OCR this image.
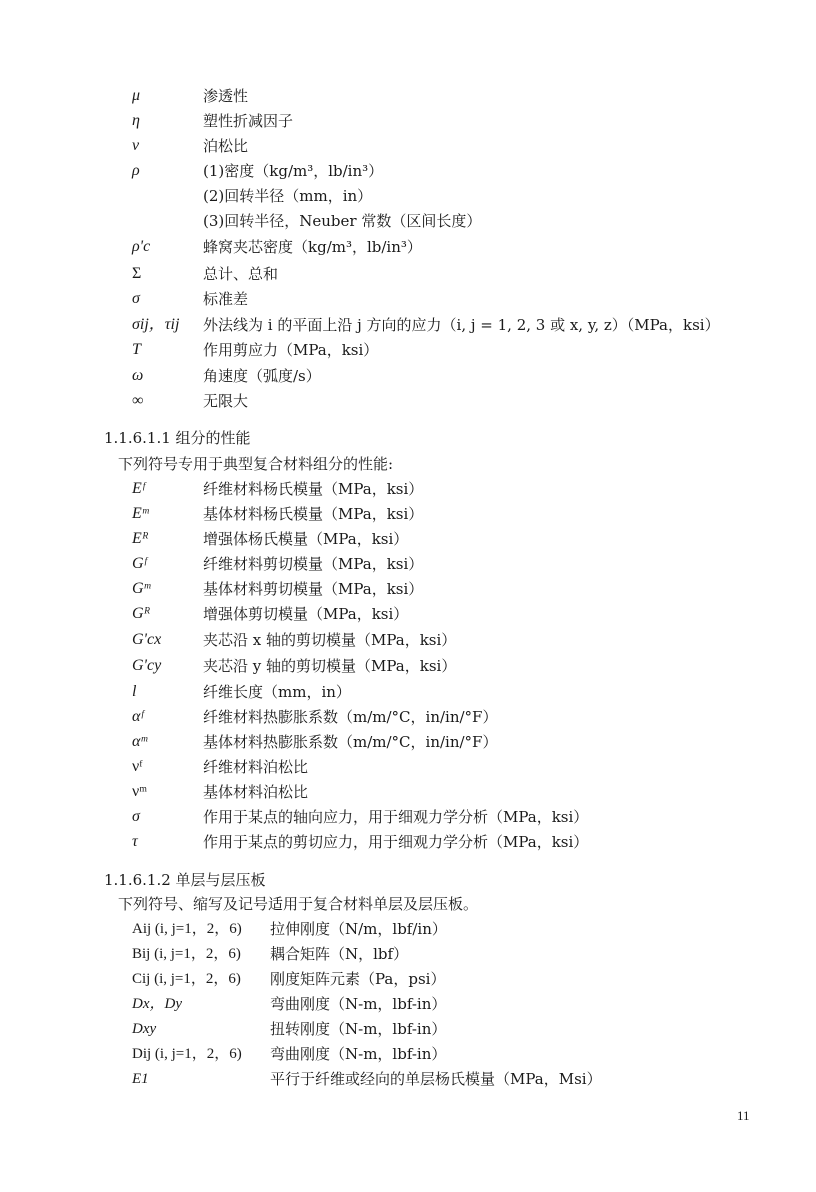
μ	渗透性
η	塑性折减因子
ν	泊松比
ρ	(1)密度（kg/m³，lb/in³）
(2)回转半径（mm，in）
(3)回转半径，Neuber 常数（区间长度）
ρ'c	蜂窝夹芯密度（kg/m³，lb/in³）
Σ	总计、总和
σ	标准差
σij，τij 外法线为 i 的平面上沿 j 方向的应力（i, j = 1, 2, 3 或 x, y, z）（MPa，ksi）
T	作用剪应力（MPa，ksi）
ω	角速度（弧度/s）
∞	无限大
1.1.6.1.1 组分的性能
下列符号专用于典型复合材料组分的性能:
Eᶠ	纤维材料杨氏模量（MPa，ksi）
Eᵐ	基体材料杨氏模量（MPa，ksi）
Eᴿ	增强体杨氏模量（MPa，ksi）
Gᶠ	纤维材料剪切模量（MPa，ksi）
Gᵐ	基体材料剪切模量（MPa，ksi）
Gᴿ	增强体剪切模量（MPa，ksi）
G'cx	夹芯沿 x 轴的剪切模量（MPa，ksi）
G'cy	夹芯沿 y 轴的剪切模量（MPa，ksi）
l	纤维长度（mm，in）
αᶠ	纤维材料热膨胀系数（m/m/°C，in/in/°F）
αᵐ	基体材料热膨胀系数（m/m/°C，in/in/°F）
νᶠ	纤维材料泊松比
νᵐ	基体材料泊松比
σ	作用于某点的轴向应力，用于细观力学分析（MPa，ksi）
τ	作用于某点的剪切应力，用于细观力学分析（MPa，ksi）
1.1.6.1.2 单层与层压板
下列符号、缩写及记号适用于复合材料单层及层压板。
Aij (i, j=1，2，6) 拉伸刚度（N/m，lbf/in）
Bij (i, j=1，2，6) 耦合矩阵（N，lbf）
Cij (i, j=1，2，6) 刚度矩阵元素（Pa，psi）
Dx，Dy	弯曲刚度（N-m，lbf-in）
Dxy	扭转刚度（N-m，lbf-in）
Dij (i, j=1，2，6) 弯曲刚度（N-m，lbf-in）
E1	平行于纤维或经向的单层杨氏模量（MPa，Msi）
11
